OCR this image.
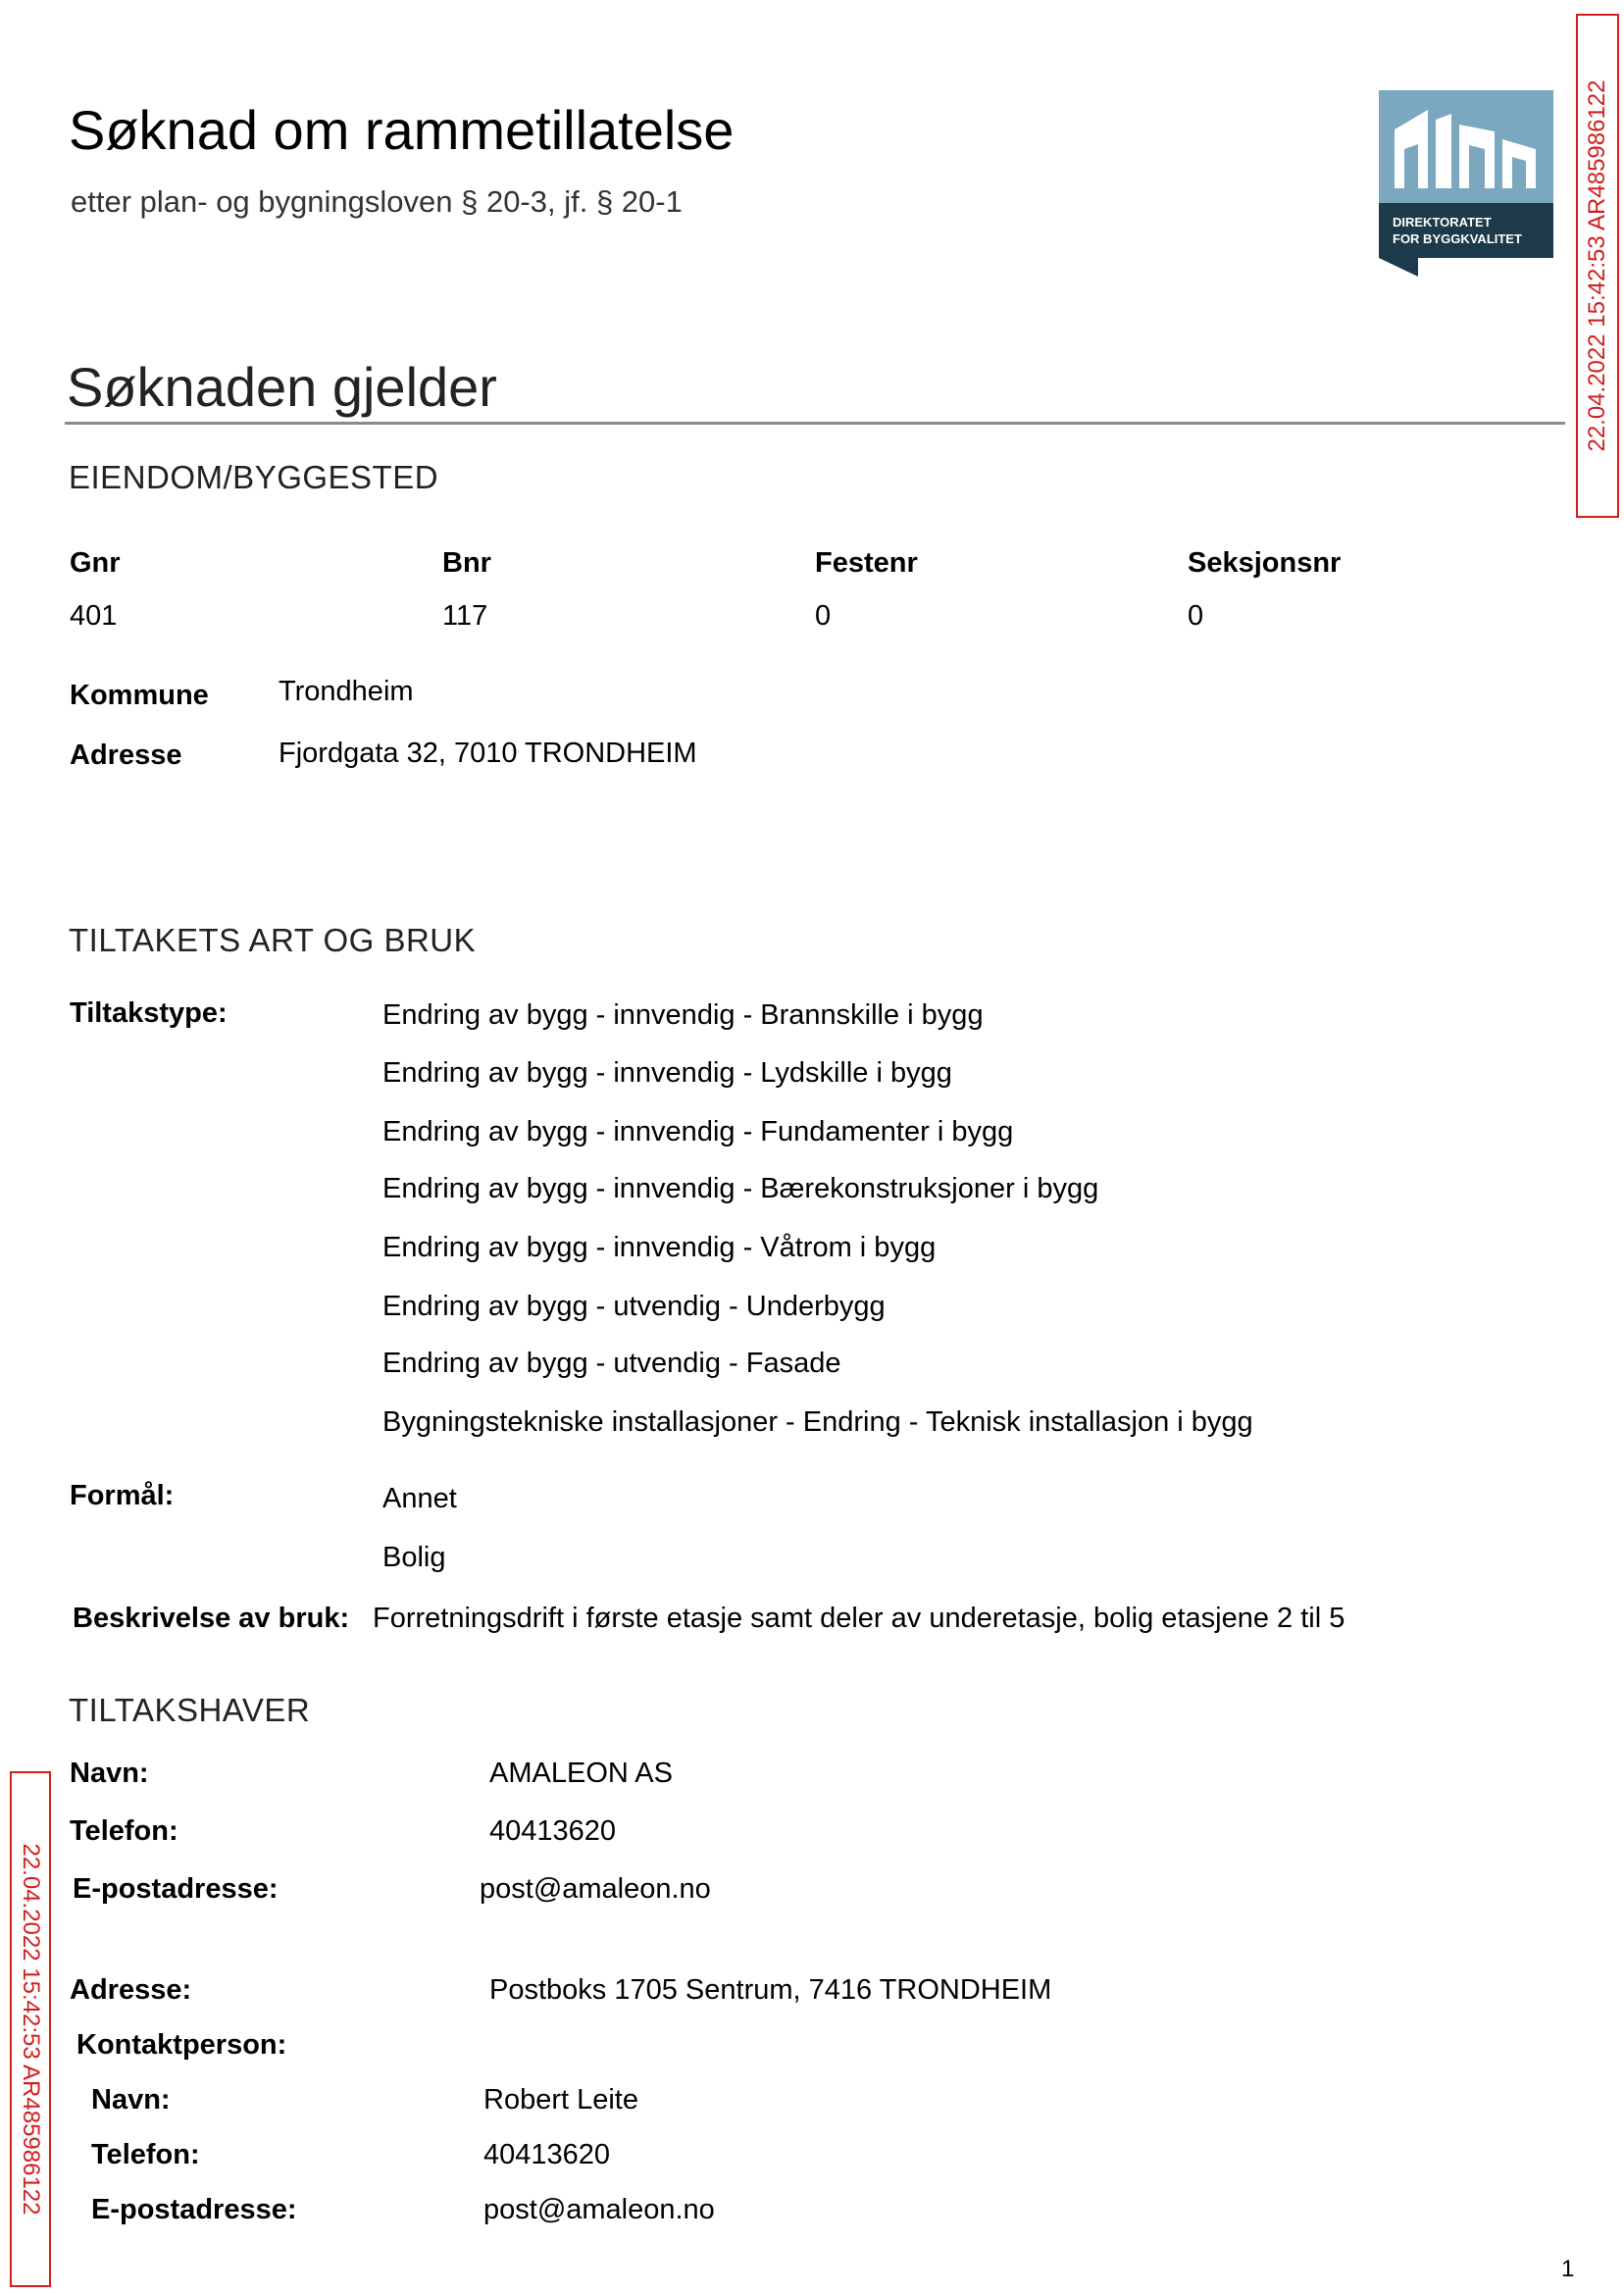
Søknad om rammetillatelse
etter plan- og bygningsloven § 20-3, jf. § 20-1
DIREKTORATET
FOR BYGGKVALITET	22.04.2022 15:42:53 AR485986122
22.04.2022 15:42:53 AR485986122
Søknaden gjelder
EIENDOM/BYGGESTED
Gnr	Bnr	Festenr	Seksjonsnr
401	117	0	0
Kommune Trondheim
Adresse	Fjordgata 32, 7010 TRONDHEIM
TILTAKETS ART OG BRUK
Tiltakstype:	Endring av bygg - innvendig - Brannskille i bygg
Endring av bygg - innvendig - Lydskille i bygg
Endring av bygg - innvendig - Fundamenter i bygg
Endring av bygg - innvendig - Bærekonstruksjoner i bygg
Endring av bygg - innvendig - Våtrom i bygg
Endring av bygg - utvendig - Underbygg
Endring av bygg - utvendig - Fasade
Bygningstekniske installasjoner - Endring - Teknisk installasjon i bygg
Formål:	Annet
Bolig
Beskrivelse av bruk: Forretningsdrift i første etasje samt deler av underetasje, bolig etasjene 2 til 5
TILTAKSHAVER
Navn:	AMALEON AS
Telefon:	40413620
E-postadresse:	post@amaleon.no
Adresse:	Postboks 1705 Sentrum, 7416 TRONDHEIM
Kontaktperson:
Navn:	Robert Leite
Telefon:	40413620
E-postadresse:	post@amaleon.no
1
